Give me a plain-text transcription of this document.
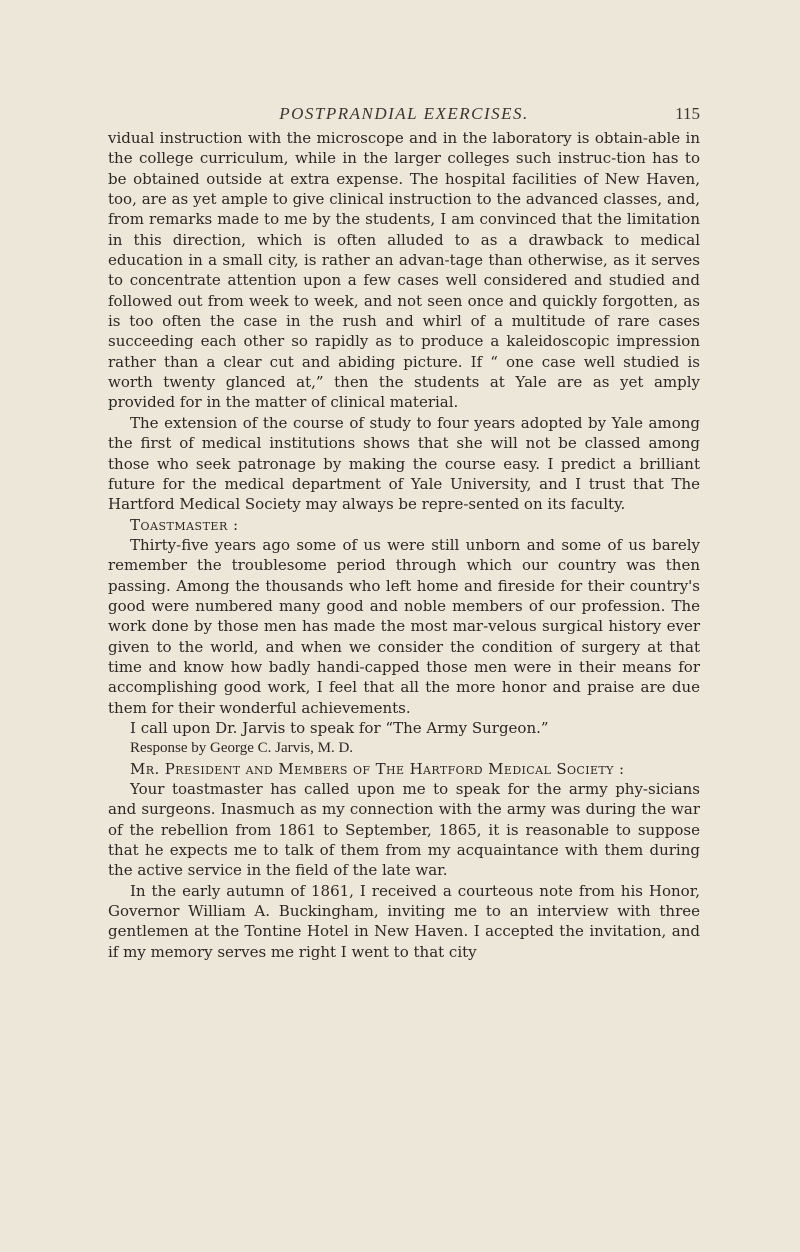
POSTPRANDIAL EXERCISES.	115

vidual instruction with the microscope and in the laboratory is obtain-able in the college curriculum, while in the larger colleges such instruc-tion has to be obtained outside at extra expense. The hospital facilities of New Haven, too, are as yet ample to give clinical instruction to the advanced classes, and, from remarks made to me by the students, I am convinced that the limitation in this direction, which is often alluded to as a drawback to medical education in a small city, is rather an advan-tage than otherwise, as it serves to concentrate attention upon a few cases well considered and studied and followed out from week to week, and not seen once and quickly forgotten, as is too often the case in the rush and whirl of a multitude of rare cases succeeding each other so rapidly as to produce a kaleidoscopic impression rather than a clear cut and abiding picture. If “ one case well studied is worth twenty glanced at,” then the students at Yale are as yet amply provided for in the matter of clinical material.

The extension of the course of study to four years adopted by Yale among the first of medical institutions shows that she will not be classed among those who seek patronage by making the course easy. I predict a brilliant future for the medical department of Yale University, and I trust that The Hartford Medical Society may always be repre-sented on its faculty.

Toastmaster :

Thirty-five years ago some of us were still unborn and some of us barely remember the troublesome period through which our country was then passing. Among the thousands who left home and fireside for their country's good were numbered many good and noble members of our profession. The work done by those men has made the most mar-velous surgical history ever given to the world, and when we consider the condition of surgery at that time and know how badly handi-capped those men were in their means for accomplishing good work, I feel that all the more honor and praise are due them for their wonderful achievements.

I call upon Dr. Jarvis to speak for “The Army Surgeon.”

Response by George C. Jarvis, M. D.

Mr. President and Members of The Hartford Medical Society :

Your toastmaster has called upon me to speak for the army phy-sicians and surgeons. Inasmuch as my connection with the army was during the war of the rebellion from 1861 to September, 1865, it is reasonable to suppose that he expects me to talk of them from my acquaintance with them during the active service in the field of the late war.

In the early autumn of 1861, I received a courteous note from his Honor, Governor William A. Buckingham, inviting me to an interview with three gentlemen at the Tontine Hotel in New Haven. I accepted the invitation, and if my memory serves me right I went to that city
